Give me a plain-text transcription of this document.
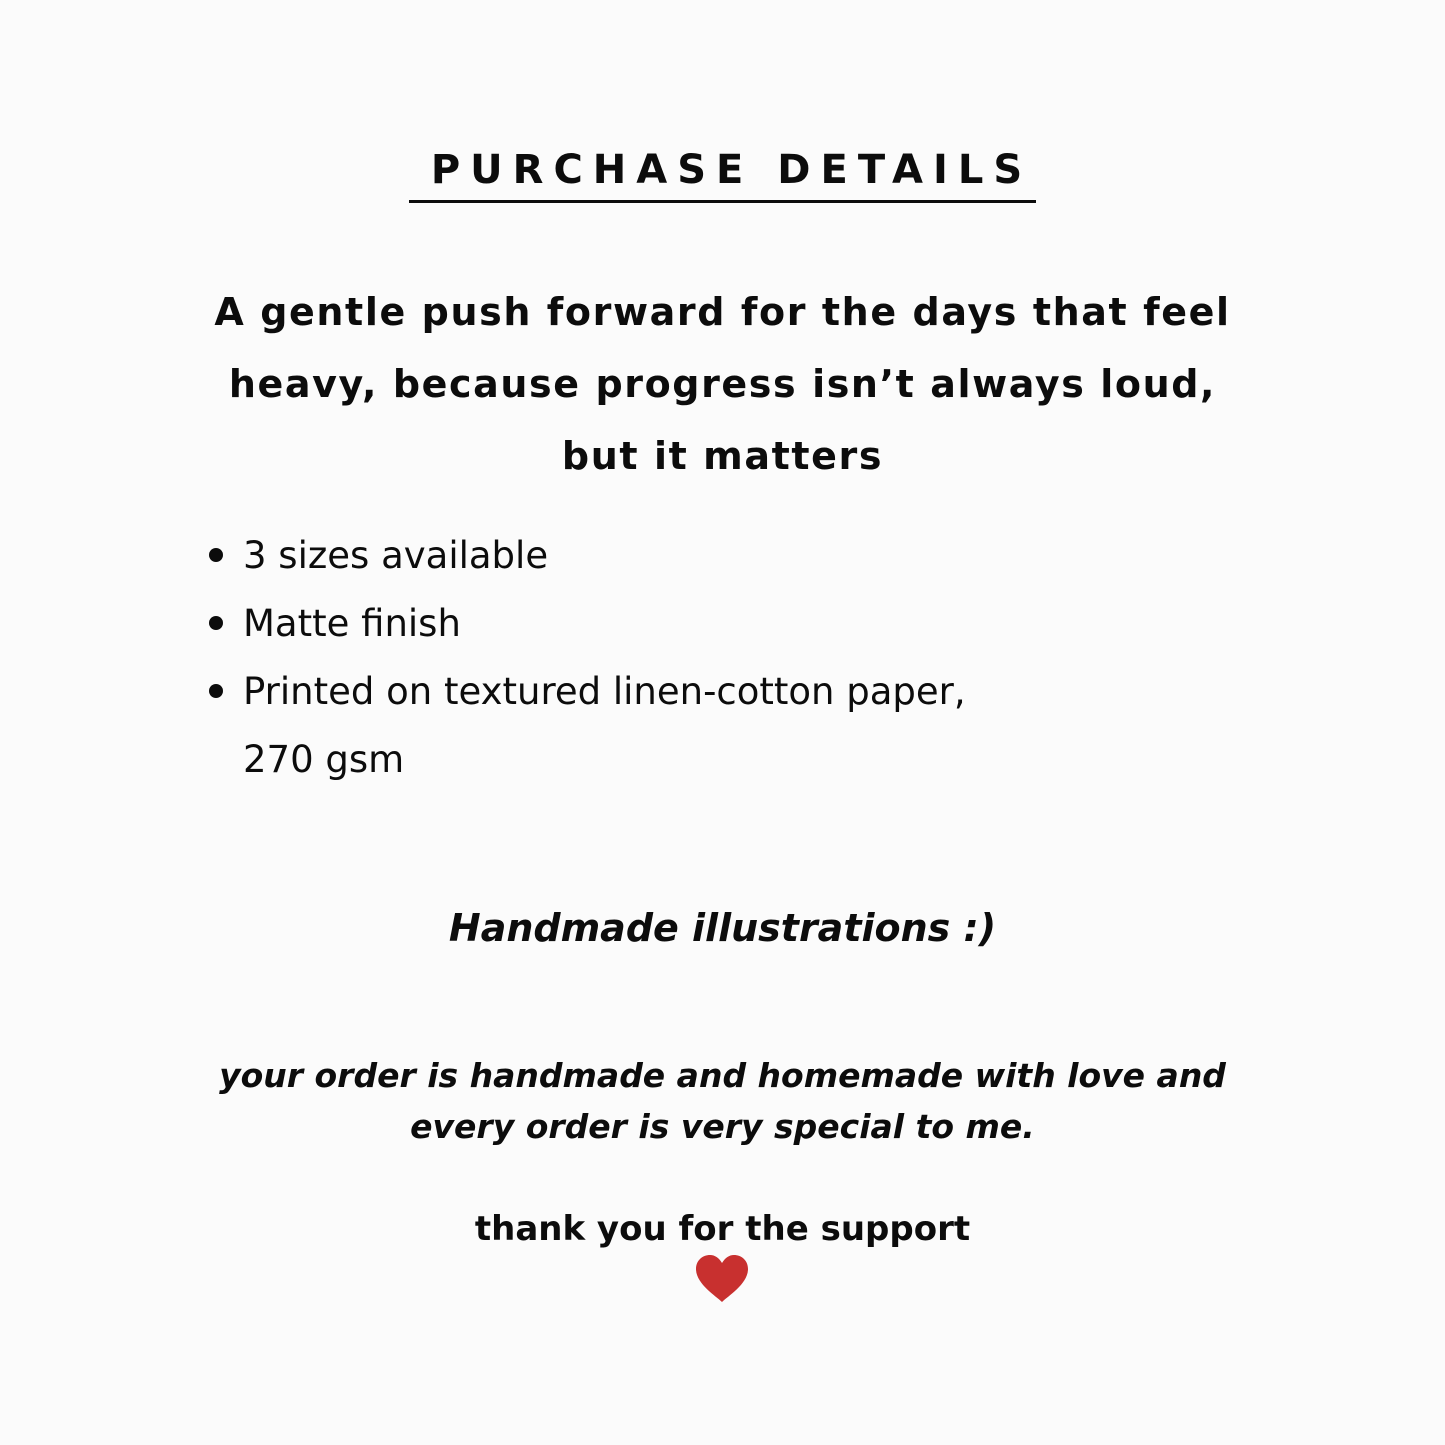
PURCHASE DETAILS
A gentle push forward for the days that feel
heavy, because progress isn’t always loud,
but it matters
3 sizes available
Matte finish
Printed on textured linen-cotton paper,
270 gsm
Handmade illustrations :)
your order is handmade and homemade with love and
every order is very special to me.
thank you for the support
